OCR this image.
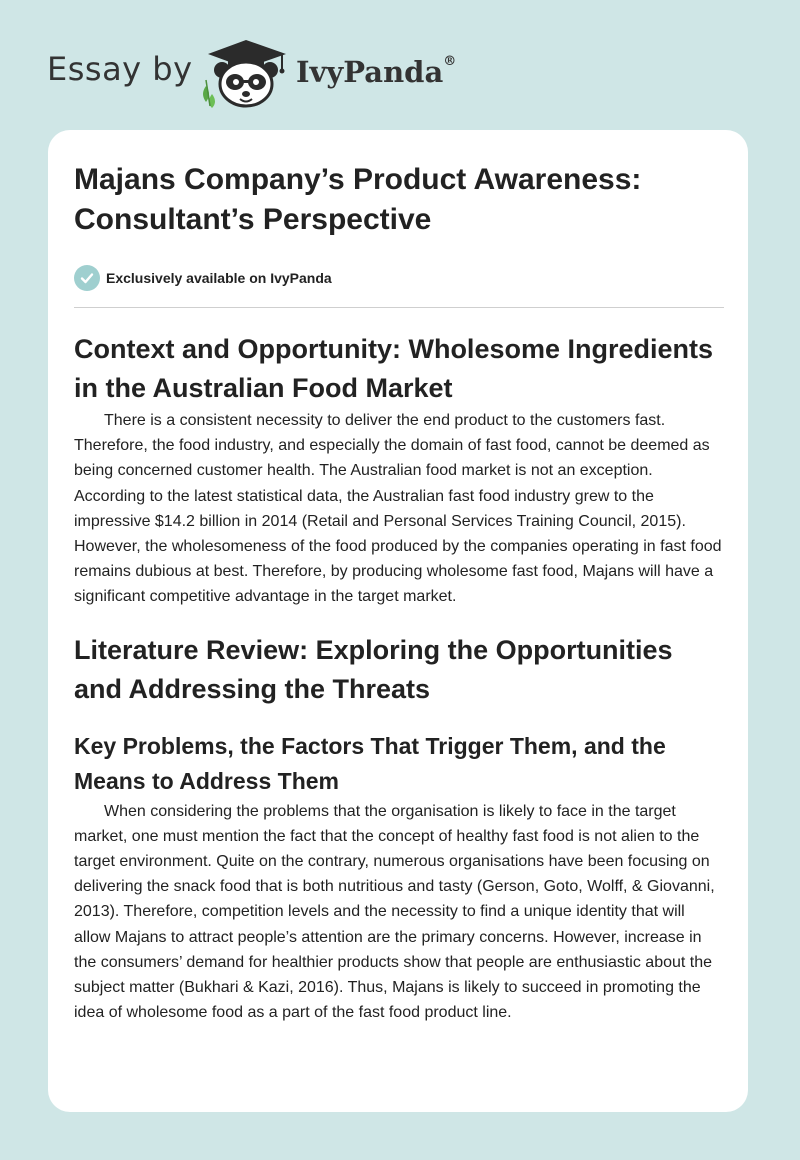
Essay by	IvyPanda®
Majans Company’s Product Awareness: Consultant’s Perspective
Exclusively available on IvyPanda
Context and Opportunity: Wholesome Ingredients in the Australian Food Market

There is a consistent necessity to deliver the end product to the customers fast. Therefore, the food industry, and especially the domain of fast food, cannot be deemed as being concerned customer health. The Australian food market is not an exception. According to the latest statistical data, the Australian fast food industry grew to the impressive $14.2 billion in 2014 (Retail and Personal Services Training Council, 2015). However, the wholesomeness of the food produced by the companies operating in fast food remains dubious at best. Therefore, by producing wholesome fast food, Majans will have a significant competitive advantage in the target market.

Literature Review: Exploring the Opportunities and Addressing the Threats
Key Problems, the Factors That Trigger Them, and the Means to Address Them

When considering the problems that the organisation is likely to face in the target market, one must mention the fact that the concept of healthy fast food is not alien to the target environment. Quite on the contrary, numerous organisations have been focusing on delivering the snack food that is both nutritious and tasty (Gerson, Goto, Wolff, & Giovanni, 2013). Therefore, competition levels and the necessity to find a unique identity that will allow Majans to attract people’s attention are the primary concerns. However, increase in the consumers’ demand for healthier products show that people are enthusiastic about the subject matter (Bukhari & Kazi, 2016). Thus, Majans is likely to succeed in promoting the idea of wholesome food as a part of the fast food product line.
